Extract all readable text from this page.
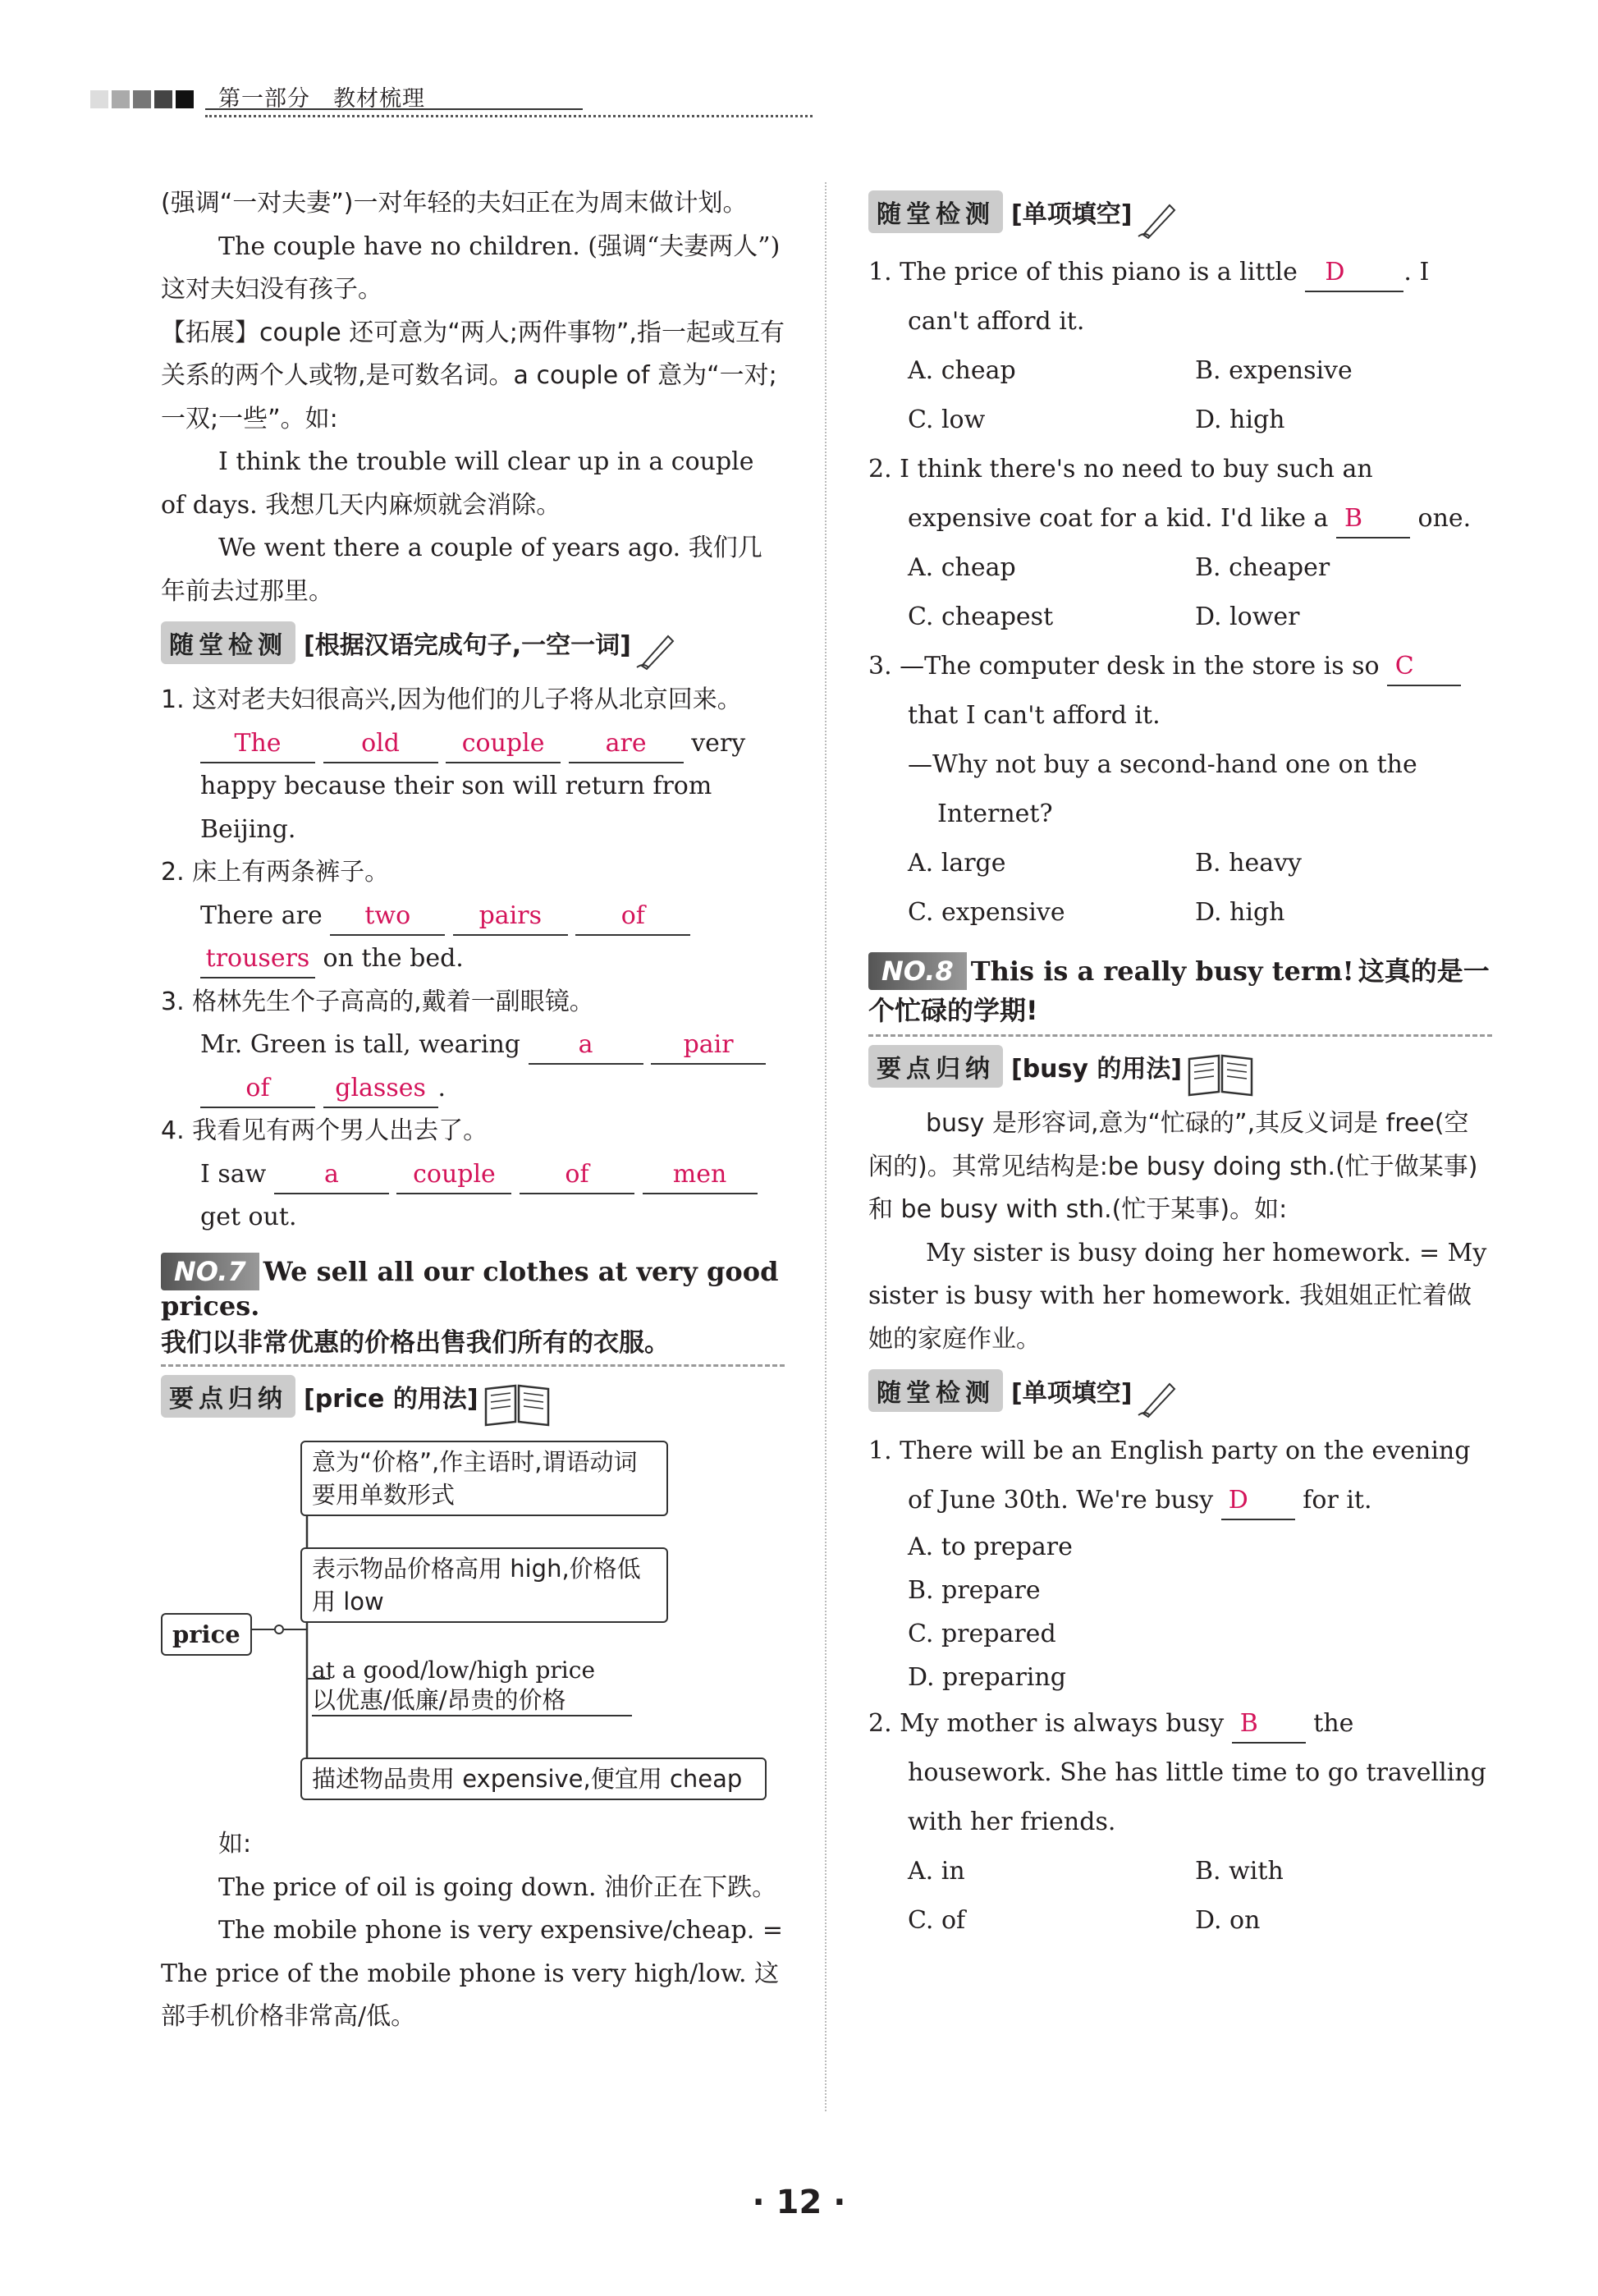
第一部分　教材梳理

(强调“一对夫妻”)一对年轻的夫妇正在为周末做计划。

The couple have no children. (强调“夫妻两人”)这对夫妇没有孩子。

【拓展】couple 还可意为“两人;两件事物”,指一起或互有关系的两个人或物,是可数名词。a couple of 意为“一对;一双;一些”。如:

I think the trouble will clear up in a couple of days. 我想几天内麻烦就会消除。

We went there a couple of years ago. 我们几年前去过那里。

随堂检测 [根据汉语完成句子,一空一词]

1. 这对老夫妇很高兴,因为他们的儿子将从北京回来。

The	old	couple are very

happy because their son will return from Beijing.

2. 床上有两条裤子。

There are two	pairs	of

trousers on the bed.

3. 格林先生个子高高的,戴着一副眼镜。

Mr. Green is tall, wearing a	pair

of	glasses .

4. 我看见有两个男人出去了。

I saw a	couple	of	men

get out.

NO.7 We sell all our clothes at very good prices.

我们以非常优惠的价格出售我们所有的衣服。

要点归纳 [price 的用法]
price
意为“价格”,作主语时,谓语动词要用单数形式
表示物品价格高用 high,价格低用 low
at a good/low/high price
以优惠/低廉/昂贵的价格
描述物品贵用 expensive,便宜用 cheap

如:

The price of oil is going down. 油价正在下跌。

The mobile phone is very expensive/cheap. = The price of the mobile phone is very high/low. 这部手机价格非常高/低。

随堂检测 [单项填空]

1. The price of this piano is a little D . I can't afford it.

A. cheap	B. expensive
C. low	D. high

2. I think there's no need to buy such an expensive coat for a kid. I'd like a B one.

A. cheap	B. cheaper
C. cheapest	D. lower

3. —The computer desk in the store is so C that I can't afford it.

—Why not buy a second-hand one on the Internet?

A. large	B. heavy
C. expensive	D. high
NO.8 This is a really busy term! 这真的是一个忙碌的学期!
要点归纳 [busy 的用法]

busy 是形容词,意为“忙碌的”,其反义词是 free(空闲的)。其常见结构是:be busy doing sth.(忙于做某事)和 be busy with sth.(忙于某事)。如:

My sister is busy doing her homework. = My sister is busy with her homework. 我姐姐正忙着做她的家庭作业。

随堂检测 [单项填空]

1. There will be an English party on the evening of June 30th. We're busy D for it.

A. to prepare

B. prepare

C. prepared

D. preparing

2. My mother is always busy B the housework. She has little time to go travelling with her friends.

A. in	B. with
C. of	D. on
· 12 ·
